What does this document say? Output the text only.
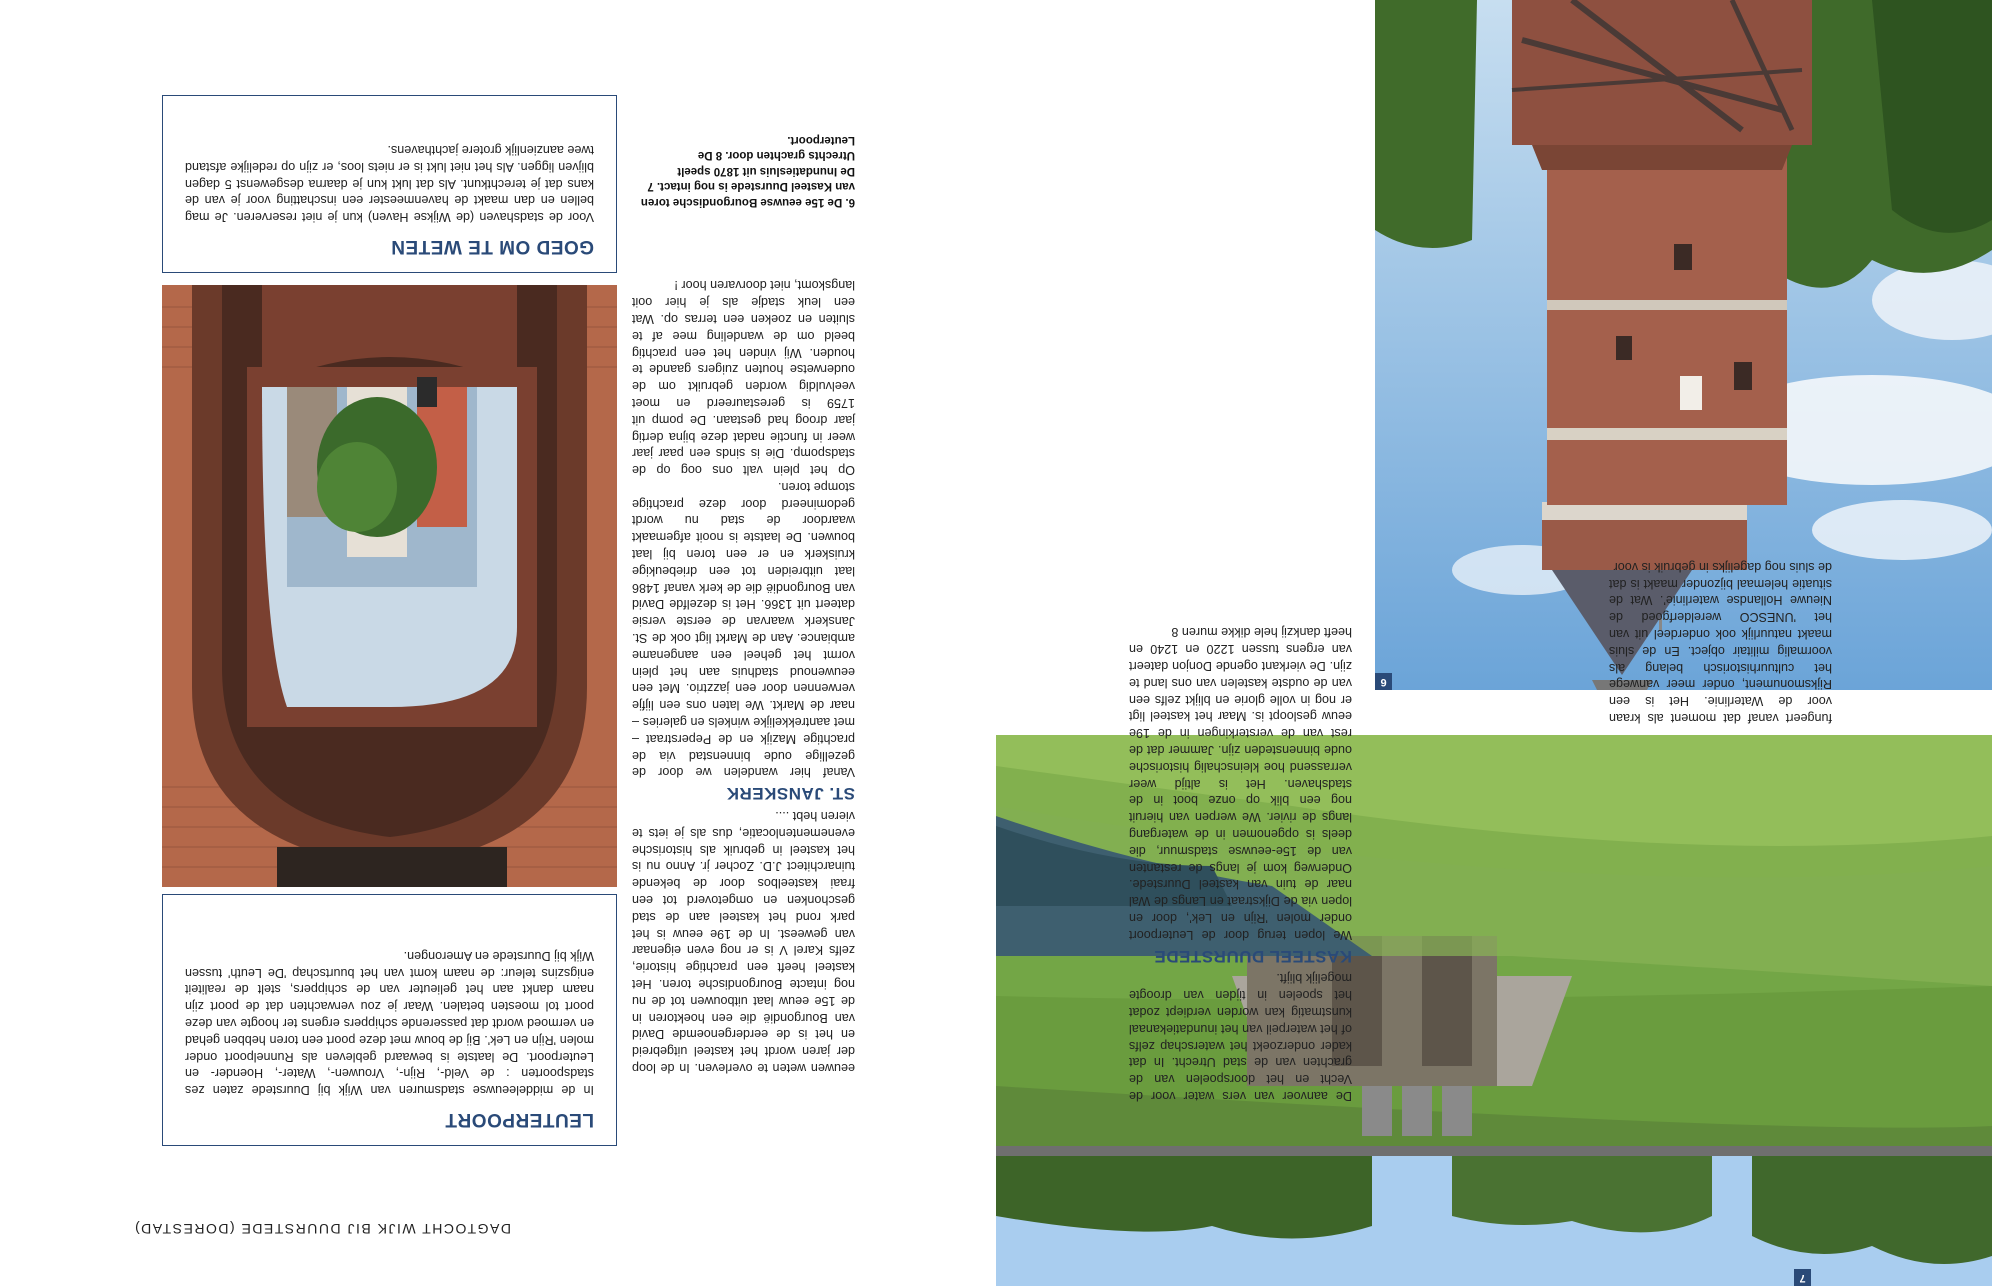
6
7
DAGTOCHT WIJK BIJ DUURSTEDE (DORESTAD)

6. De 15e eeuwse Bourgondische toren van Kasteel Duurstede is nog intact. 7 De Inundatiesluis uit 1870 speelt Utrechts grachten door. 8 De Leuterpoort.

fungeert vanaf dat moment als kraan voor de Waterlinie. Het is een Rijksmonument, onder meer vanwege het cultuurhistorisch belang als voormalig militair object. En de sluis maakt natuurlijk ook onderdeel uit van het 'UNESCO werelderfgoed de Nieuwe Hollandse waterlinie'. Wat de situatie helemaal bijzonder maakt is dat de sluis nog dagelijks in gebruik is voor

De aanvoer van vers water voor de Vecht en het doorspoelen van de grachten van de stad Utrecht. In dat kader onderzoekt het waterschap zelfs of het waterpeil van het inundatiekanaal kunstmatig kan worden verdiept zodat het spoelen in tijden van droogte mogelijk blijft.

KASTEEL DUURSTEDE

We lopen terug door de Leuterpoort onder molen 'Rijn en Lek', door en lopen via de Dijkstraat en Langs de Wal naar de tuin van kasteel Duurstede. Onderweg kom je langs de restanten van de 15e-eeuwse stadsmuur, die deels is opgenomen in de watergang langs de rivier. We werpen van hieruit nog een blik op onze boot in de stadshaven. Het is altijd weer verrassend hoe kleinschalig historische oude binnensteden zijn. Jammer dat de rest van de versterkingen in de 19e eeuw gesloopt is. Maar het kasteel ligt er nog in volle glorie en blijkt zelfs een van de oudste kastelen van ons land te zijn. De vierkant ogende Donjon dateert van ergens tussen 1220 en 1240 en heeft dankzij hele dikke muren 8

eeuwen weten te overleven. In de loop der jaren wordt het kasteel uitgebreid en het is de eerdergenoemde David van Bourgondië die een hoektoren in de 15e eeuw laat uitbouwen tot de nu nog intacte Bourgondische toren. Het kasteel heeft een prachtige historie, zelfs Karel V is er nog even eigenaar van geweest. In de 19e eeuw is het park rond het kasteel aan de stad geschonken en omgetoverd tot een fraai kasteelbos door de bekende tuinarchitect J.D. Zocher jr. Anno nu is het kasteel in gebruik als historische evenementenlocatie, dus als je iets te vieren hebt ....

ST. JANSKERK

Vanaf hier wandelen we door de gezellige oude binnenstad via de prachtige Mazijk en de Peperstraat – met aantrekkelijke winkels en galeries – naar de Markt. We laten ons een lijfje verwennen door een jazztrio. Met een eeuwenoud stadhuis aan het plein vormt het geheel een aangename ambiance. Aan de Markt ligt ook de St. Janskerk waarvan de eerste versie dateert uit 1366. Het is dezelfde David van Bourgondië die de kerk vanaf 1486 laat uitbreiden tot een driebeukige kruiskerk en er een toren bij laat bouwen. De laatste is nooit afgemaakt waardoor de stad nu wordt gedomineerd door deze prachtige stompe toren.

Op het plein valt ons oog op de stadspomp. Die is sinds een paar jaar weer in functie nadat deze bijna dertig jaar droog had gestaan. De pomp uit 1759 is gerestaureerd en moet veelvuldig worden gebruikt om de ouderwetse houten zuigers gaande te houden. Wij vinden het een prachtig beeld om de wandeling mee af te sluiten en zoeken een terras op. Wat een leuk stadje als je hier ooit langskomt, niet doorvaren hoor !

LEUTERPOORT

In de middeleeuwse stadsmuren van Wijk bij Duurstede zaten zes stadspoorten : de Veld-, Rijn-, Vrouwen-, Water-, Hoender- en Leuterpoort. De laatste is bewaard gebleven als Runnelpoort onder molen 'Rijn en Lek'. Bij de bouw met deze poort een toren hebben gehad en vermoed wordt dat passerende schippers ergens ter hoogte van deze poort tol moesten betalen. Waar je zou verwachten dat de poort zijn naam dankt aan het gelieuter van de schippers, stelt de realiteit enigszins teleur: de naam komt van het buurtschap 'De Leuth' tussen Wijk bij Duurstede en Amerongen.

GOED OM TE WETEN

Voor de stadshaven (de Wijkse Haven) kun je niet reserveren. Je mag bellen en dan maakt de havenmeester een inschatting voor je van de kans dat je terechtkunt. Als dat lukt kun je daarna desgewenst 5 dagen blijven liggen. Als het niet lukt is er niets loos, er zijn op redelijke afstand twee aanzienlijk grotere jachthavens.
